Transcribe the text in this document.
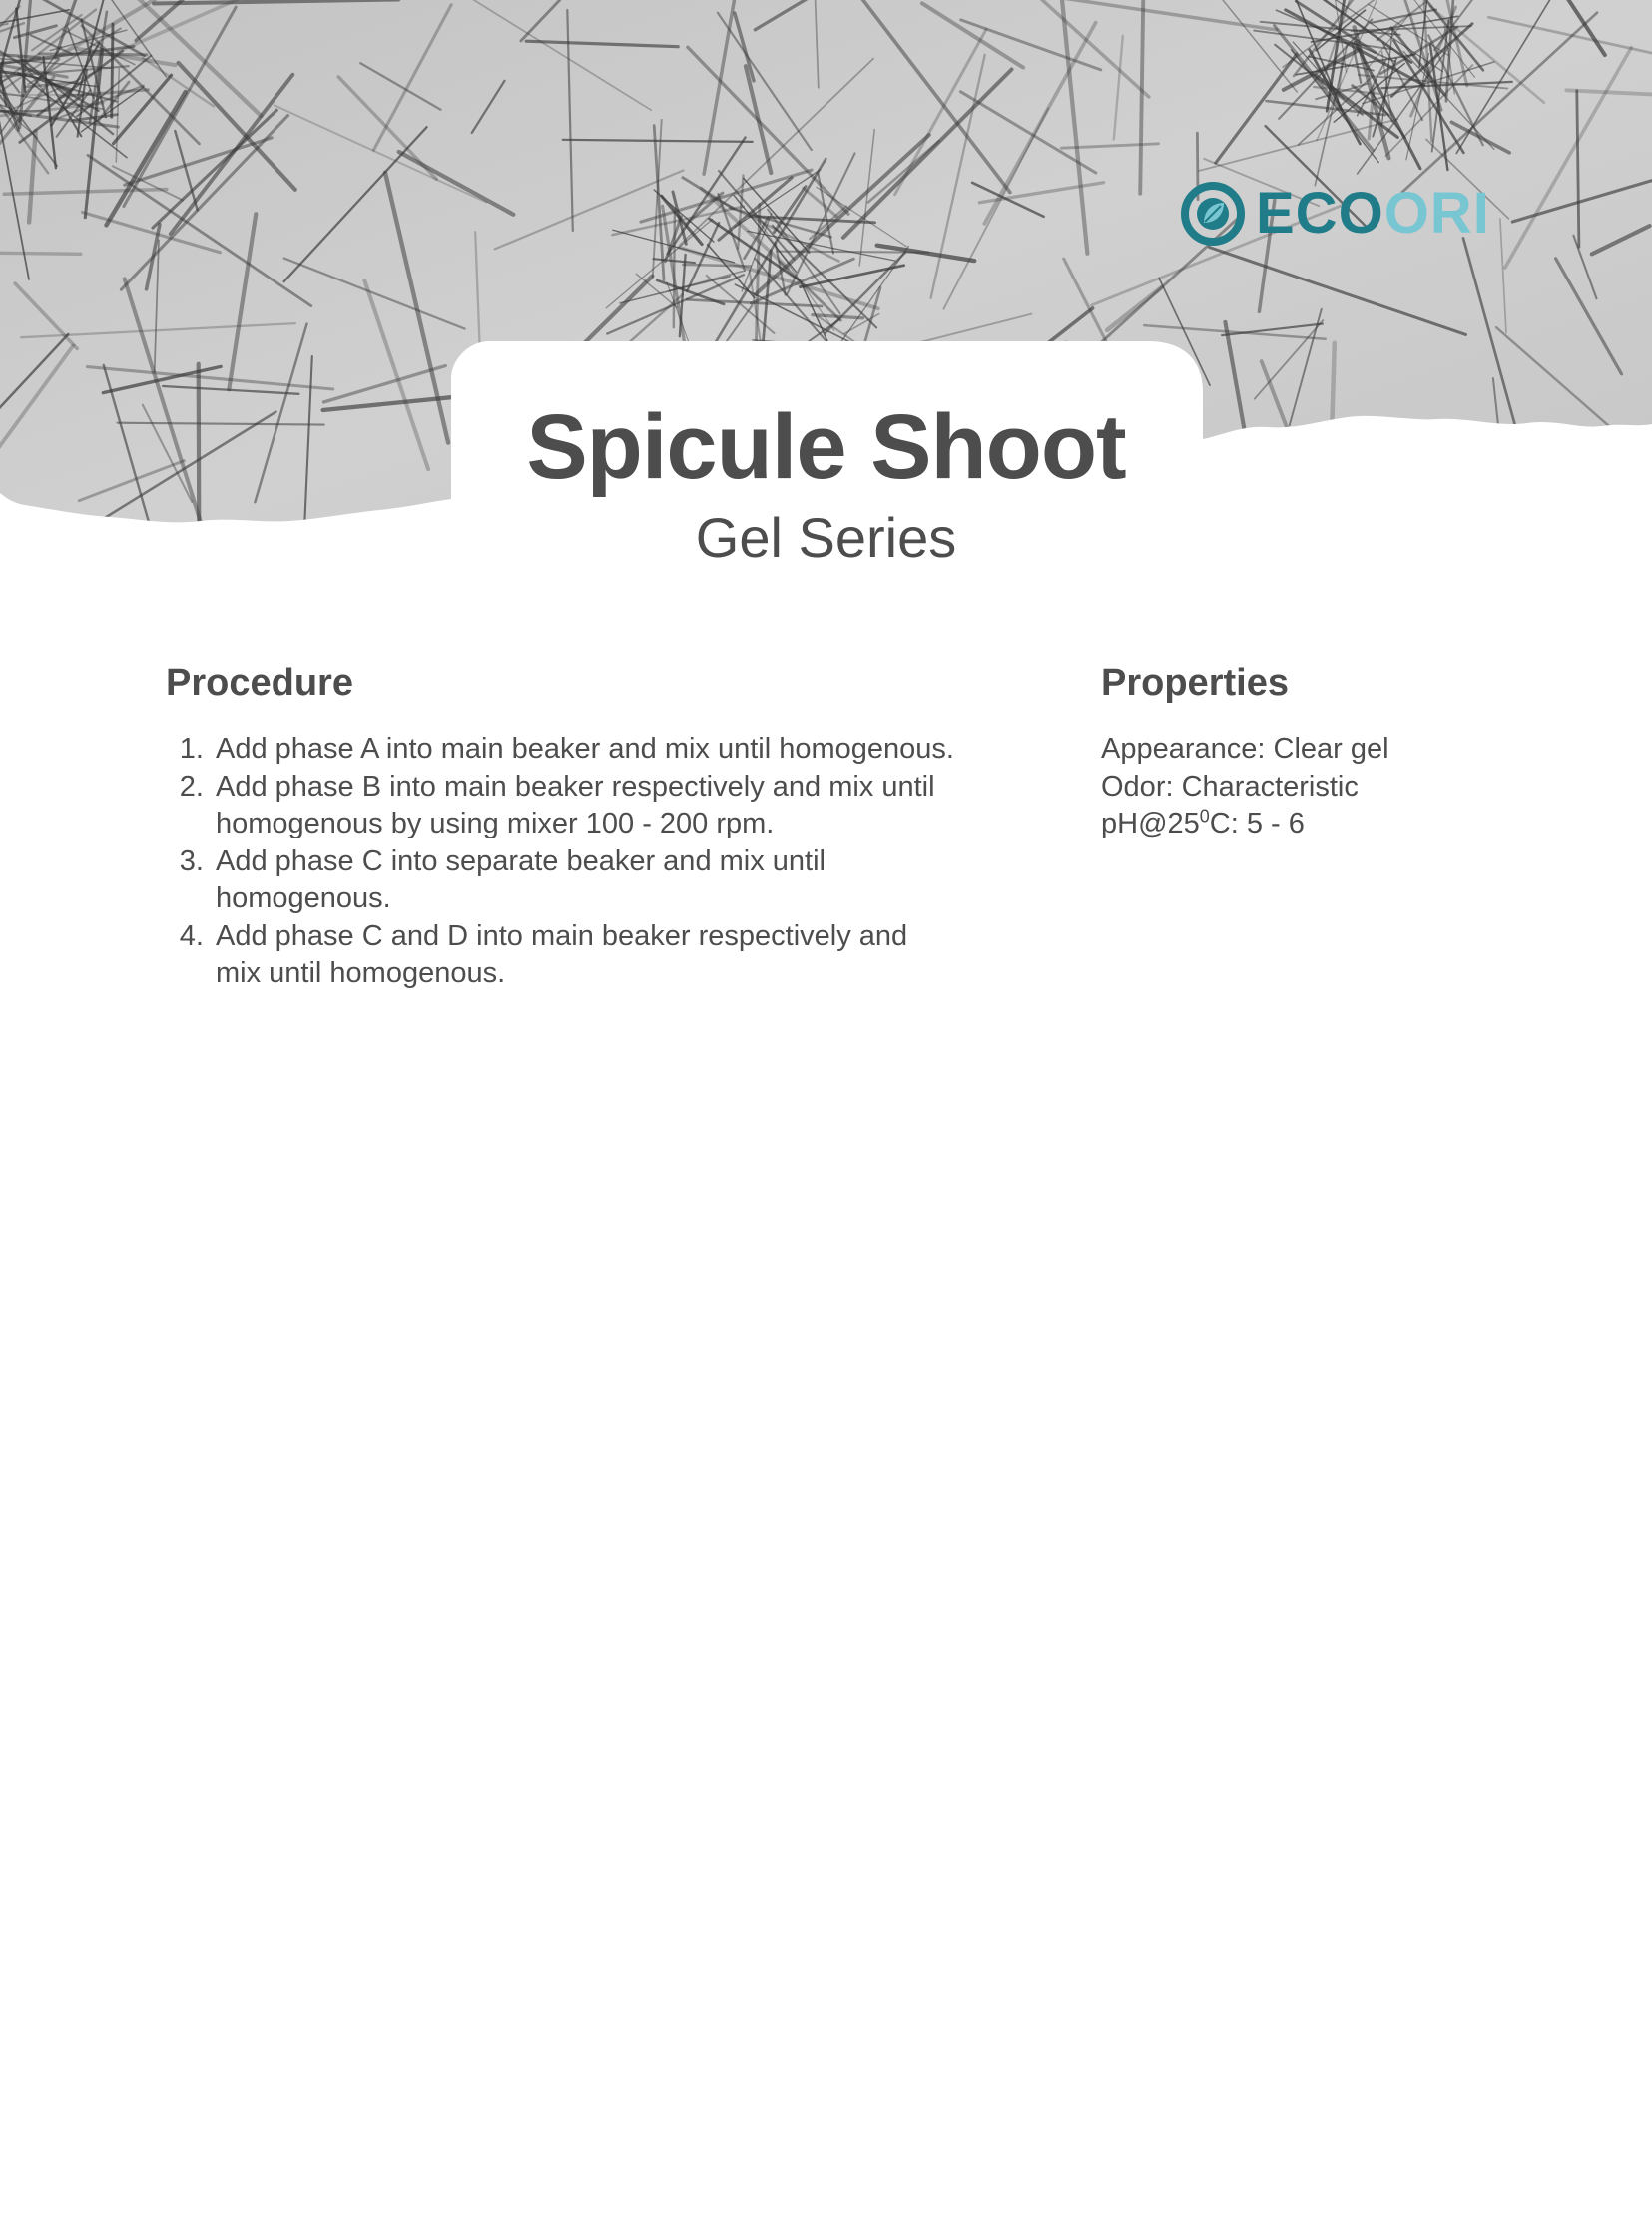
ECOORI
Spicule Shoot
Gel Series
Procedure
1. Add phase A into main beaker and mix until homogenous.
2. Add phase B into main beaker respectively and mix until homogenous by using mixer 100 - 200 rpm.
3. Add phase C into separate beaker and mix until homogenous.
4. Add phase C and D into main beaker respectively and mix until homogenous.
Properties
Appearance: Clear gel
Odor: Characteristic
$pH@25^0C$: 5 - 6
